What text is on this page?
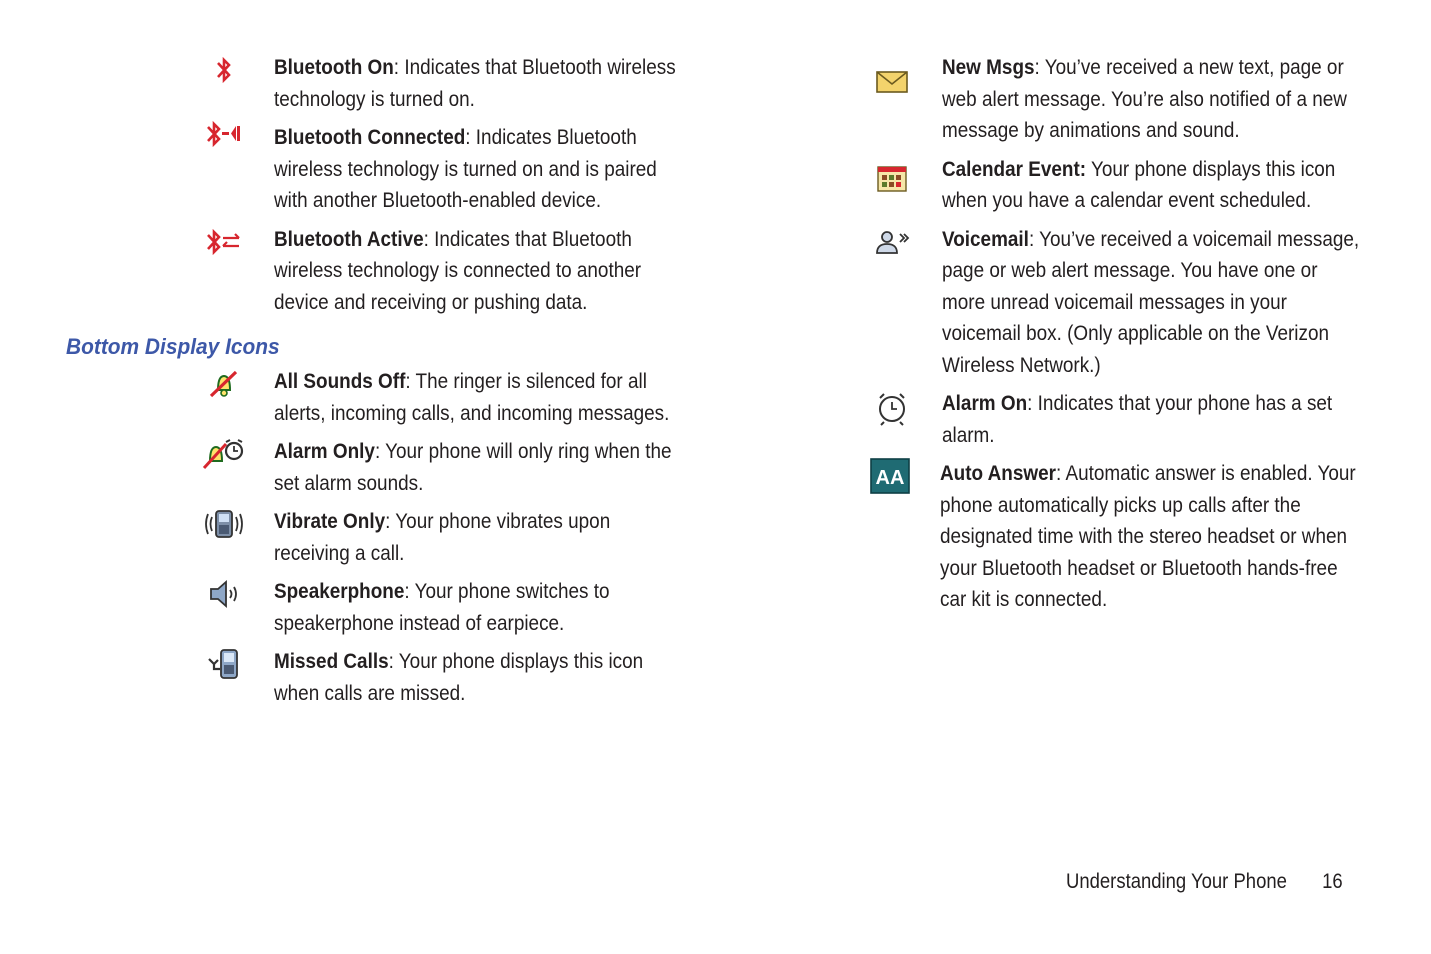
Bluetooth On: Indicates that Bluetooth wireless technology is turned on.
Bluetooth Connected: Indicates Bluetooth wireless technology is turned on and is paired with another Bluetooth-enabled device.
Bluetooth Active: Indicates that Bluetooth wireless technology is connected to another device and receiving or pushing data.
Bottom Display Icons
All Sounds Off: The ringer is silenced for all alerts, incoming calls, and incoming messages.
Alarm Only: Your phone will only ring when the set alarm sounds.
Vibrate Only: Your phone vibrates upon receiving a call.
Speakerphone: Your phone switches to speakerphone instead of earpiece.
Missed Calls: Your phone displays this icon when calls are missed.
New Msgs: You’ve received a new text, page or web alert message. You’re also notified of a new message by animations and sound.
Calendar Event: Your phone displays this icon when you have a calendar event scheduled.
Voicemail: You’ve received a voicemail message, page or web alert message. You have one or more unread voicemail messages in your voicemail box. (Only applicable on the Verizon Wireless Network.)
Alarm On: Indicates that your phone has a set alarm.
AA Auto Answer: Automatic answer is enabled. Your phone automatically picks up calls after the designated time with the stereo headset or when your Bluetooth headset or Bluetooth hands-free car kit is connected.
Understanding Your Phone 16
